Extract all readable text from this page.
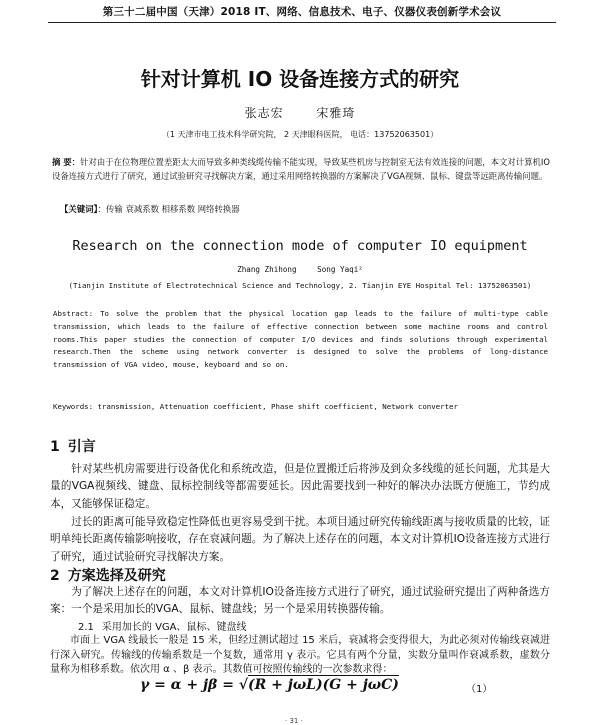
第三十二届中国（天津）2018 IT、网络、信息技术、电子、仪器仪表创新学术会议
针对计算机 IO 设备连接方式的研究
张志宏	宋雅琦
（1 天津市电工技术科学研究院， 2 天津眼科医院， 电话：13752063501）
摘 要：针对由于在位物理位置差距太大而导致多种类线缆传输不能实现，导致某些机房与控制室无法有效连接的问题，本文对计算机IO设备连接方式进行了研究，通过试验研究寻找解决方案，通过采用网络转换器的方案解决了VGA视频、鼠标、键盘等远距离传输问题。
【关键词】：传输 衰减系数 相移系数 网络转换器
Research on the connection mode of computer IO equipment
Zhang Zhihong	Song Yaqi²
(Tianjin Institute of Electrotechnical Science and Technology, 2. Tianjin EYE Hospital Tel: 13752063501)
Abstract: To solve the problem that the physical location gap leads to the failure of multi-type cable transmission, which leads to the failure of effective connection between some machine rooms and control rooms.This paper studies the connection of computer I/O devices and finds solutions through experimental research.Then the scheme using network converter is designed to solve the problems of long-distance transmission of VGA video, mouse, keyboard and so on.
Keywords: transmission, Attenuation coefficient, Phase shift coefficient, Network converter
1 引言
针对某些机房需要进行设备优化和系统改造，但是位置搬迁后将涉及到众多线缆的延长问题，尤其是大量的VGA视频线、键盘、鼠标控制线等都需要延长。因此需要找到一种好的解决办法既方便施工，节约成本，又能够保证稳定。
过长的距离可能导致稳定性降低也更容易受到干扰。本项目通过研究传输线距离与接收质量的比较，证明单纯长距离传输影响接收，存在衰减问题。为了解决上述存在的问题，本文对计算机IO设备连接方式进行了研究，通过试验研究寻找解决方案。
2 方案选择及研究
为了解决上述存在的问题，本文对计算机IO设备连接方式进行了研究，通过试验研究提出了两种备选方案：一个是采用加长的VGA、鼠标、键盘线；另一个是采用转换器传输。
2.1 采用加长的 VGA、鼠标、键盘线
市面上 VGA 线最长一般是 15 米，但经过测试超过 15 米后，衰减将会变得很大，为此必须对传输线衰减进行深入研究。传输线的传输系数是一个复数，通常用 γ 表示。它具有两个分量，实数分量叫作衰减系数，虚数分量称为相移系数。依次用 α 、β 表示。其数值可按照传输线的一次参数求得：
γ = α + jβ = √(R + jωL)(G + jωC)	（1）
· 31 ·
